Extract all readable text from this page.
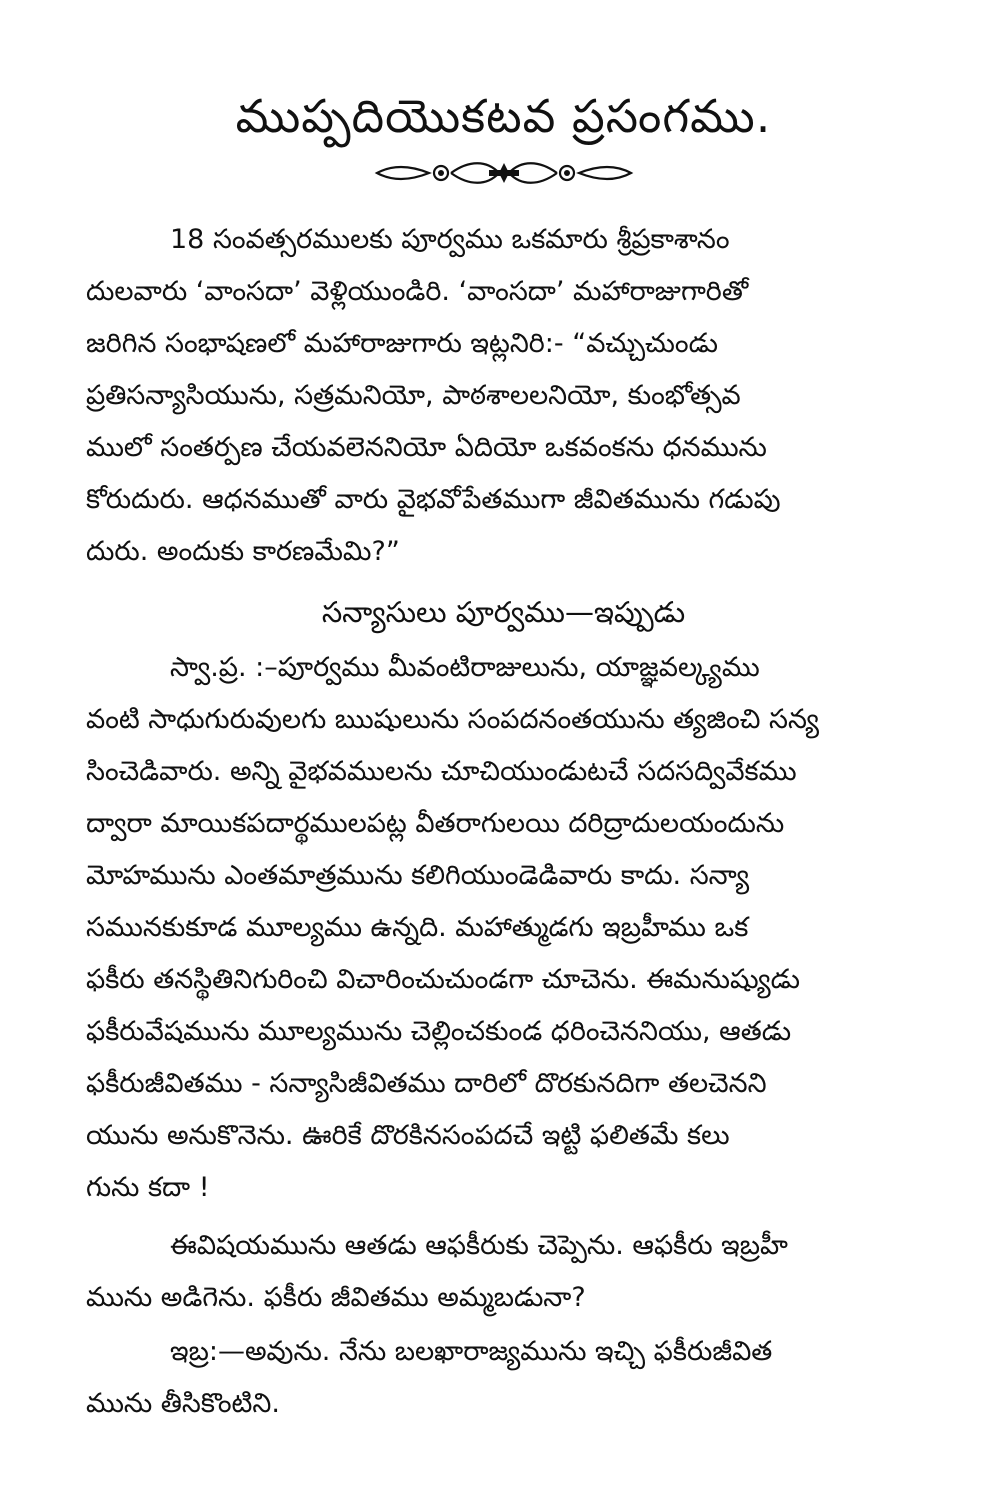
ముప్పదియొకటవ ప్రసంగము.

18 సంవత్సరములకు పూర్వము ఒకమారు శ్రీప్రకాశానం
దులవారు ‘వాంసదా’ వెళ్లియుండిరి. ‘వాంసదా’ మహారాజుగారితో
జరిగిన సంభాషణలో మహారాజుగారు ఇట్లనిరి:- “వచ్చుచుండు
ప్రతిసన్యాసియును, సత్రమనియో, పాఠశాలలనియో, కుంభోత్సవ
ములో సంతర్పణ చేయవలెననియో ఏదియో ఒకవంకను ధనమును
కోరుదురు. ఆధనముతో వారు వైభవోపేతముగా జీవితమును గడుపు
దురు. అందుకు కారణమేమి?”

సన్యాసులు పూర్వము—ఇప్పుడు

స్వా.ప్ర. :–పూర్వము మీవంటిరాజులును, యాజ్ఞవల్క్యము
వంటి సాధుగురువులగు ఋషులును సంపదనంతయును త్యజించి సన్య
సించెడివారు. అన్ని వైభవములను చూచియుండుటచే సదసద్వివేకము
ద్వారా మాయికపదార్థములపట్ల వీతరాగులయి దరిద్రాదులయందును
మోహమును ఎంతమాత్రమును కలిగియుండెడివారు కాదు. సన్యా
సమునకుకూడ మూల్యము ఉన్నది. మహాత్ముడగు ఇబ్రహీము ఒక
ఫకీరు తనస్థితినిగురించి విచారించుచుండగా చూచెను. ఈమనుష్యుడు
ఫకీరువేషమును మూల్యమును చెల్లించకుండ ధరించెననియు, ఆతడు
ఫకీరుజీవితము - సన్యాసిజీవితము దారిలో దొరకునదిగా తలచెనని
యును అనుకొనెను. ఊరికే దొరకినసంపదచే ఇట్టి ఫలితమే కలు
గును కదా !

ఈవిషయమును ఆతడు ఆఫకీరుకు చెప్పెను. ఆఫకీరు ఇబ్రహీ
మును అడిగెను. ఫకీరు జీవితము అమ్మబడునా?

ఇబ్ర:—అవును. నేను బలఖారాజ్యమును ఇచ్చి ఫకీరుజీవిత
మును తీసికొంటిని.
